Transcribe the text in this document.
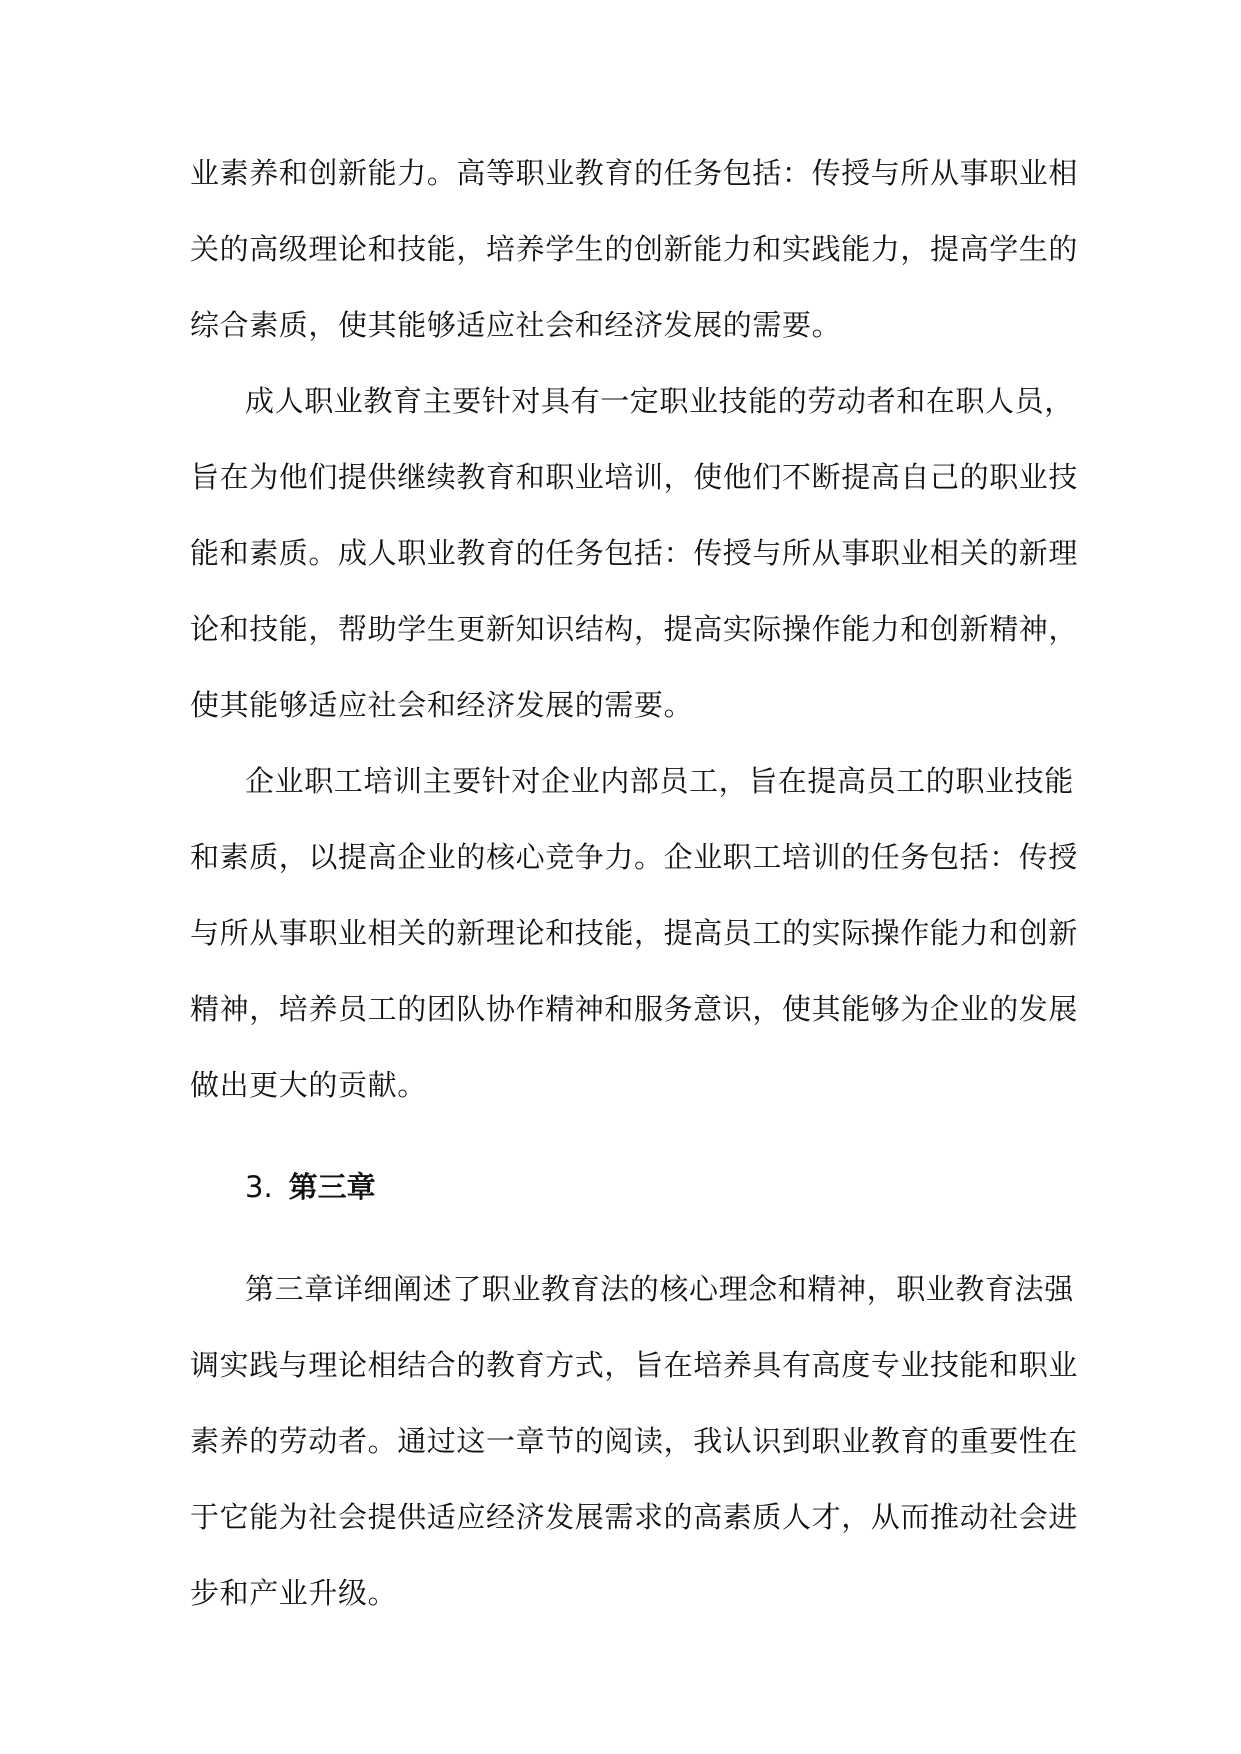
业素养和创新能力。高等职业教育的任务包括：传授与所从事职业相
关的高级理论和技能，培养学生的创新能力和实践能力，提高学生的
综合素质，使其能够适应社会和经济发展的需要。
成人职业教育主要针对具有一定职业技能的劳动者和在职人员，
旨在为他们提供继续教育和职业培训，使他们不断提高自己的职业技
能和素质。成人职业教育的任务包括：传授与所从事职业相关的新理
论和技能，帮助学生更新知识结构，提高实际操作能力和创新精神，
使其能够适应社会和经济发展的需要。
企业职工培训主要针对企业内部员工，旨在提高员工的职业技能
和素质，以提高企业的核心竞争力。企业职工培训的任务包括：传授
与所从事职业相关的新理论和技能，提高员工的实际操作能力和创新
精神，培养员工的团队协作精神和服务意识，使其能够为企业的发展
做出更大的贡献。
3. 第三章
第三章详细阐述了职业教育法的核心理念和精神，职业教育法强
调实践与理论相结合的教育方式，旨在培养具有高度专业技能和职业
素养的劳动者。通过这一章节的阅读，我认识到职业教育的重要性在
于它能为社会提供适应经济发展需求的高素质人才，从而推动社会进
步和产业升级。
